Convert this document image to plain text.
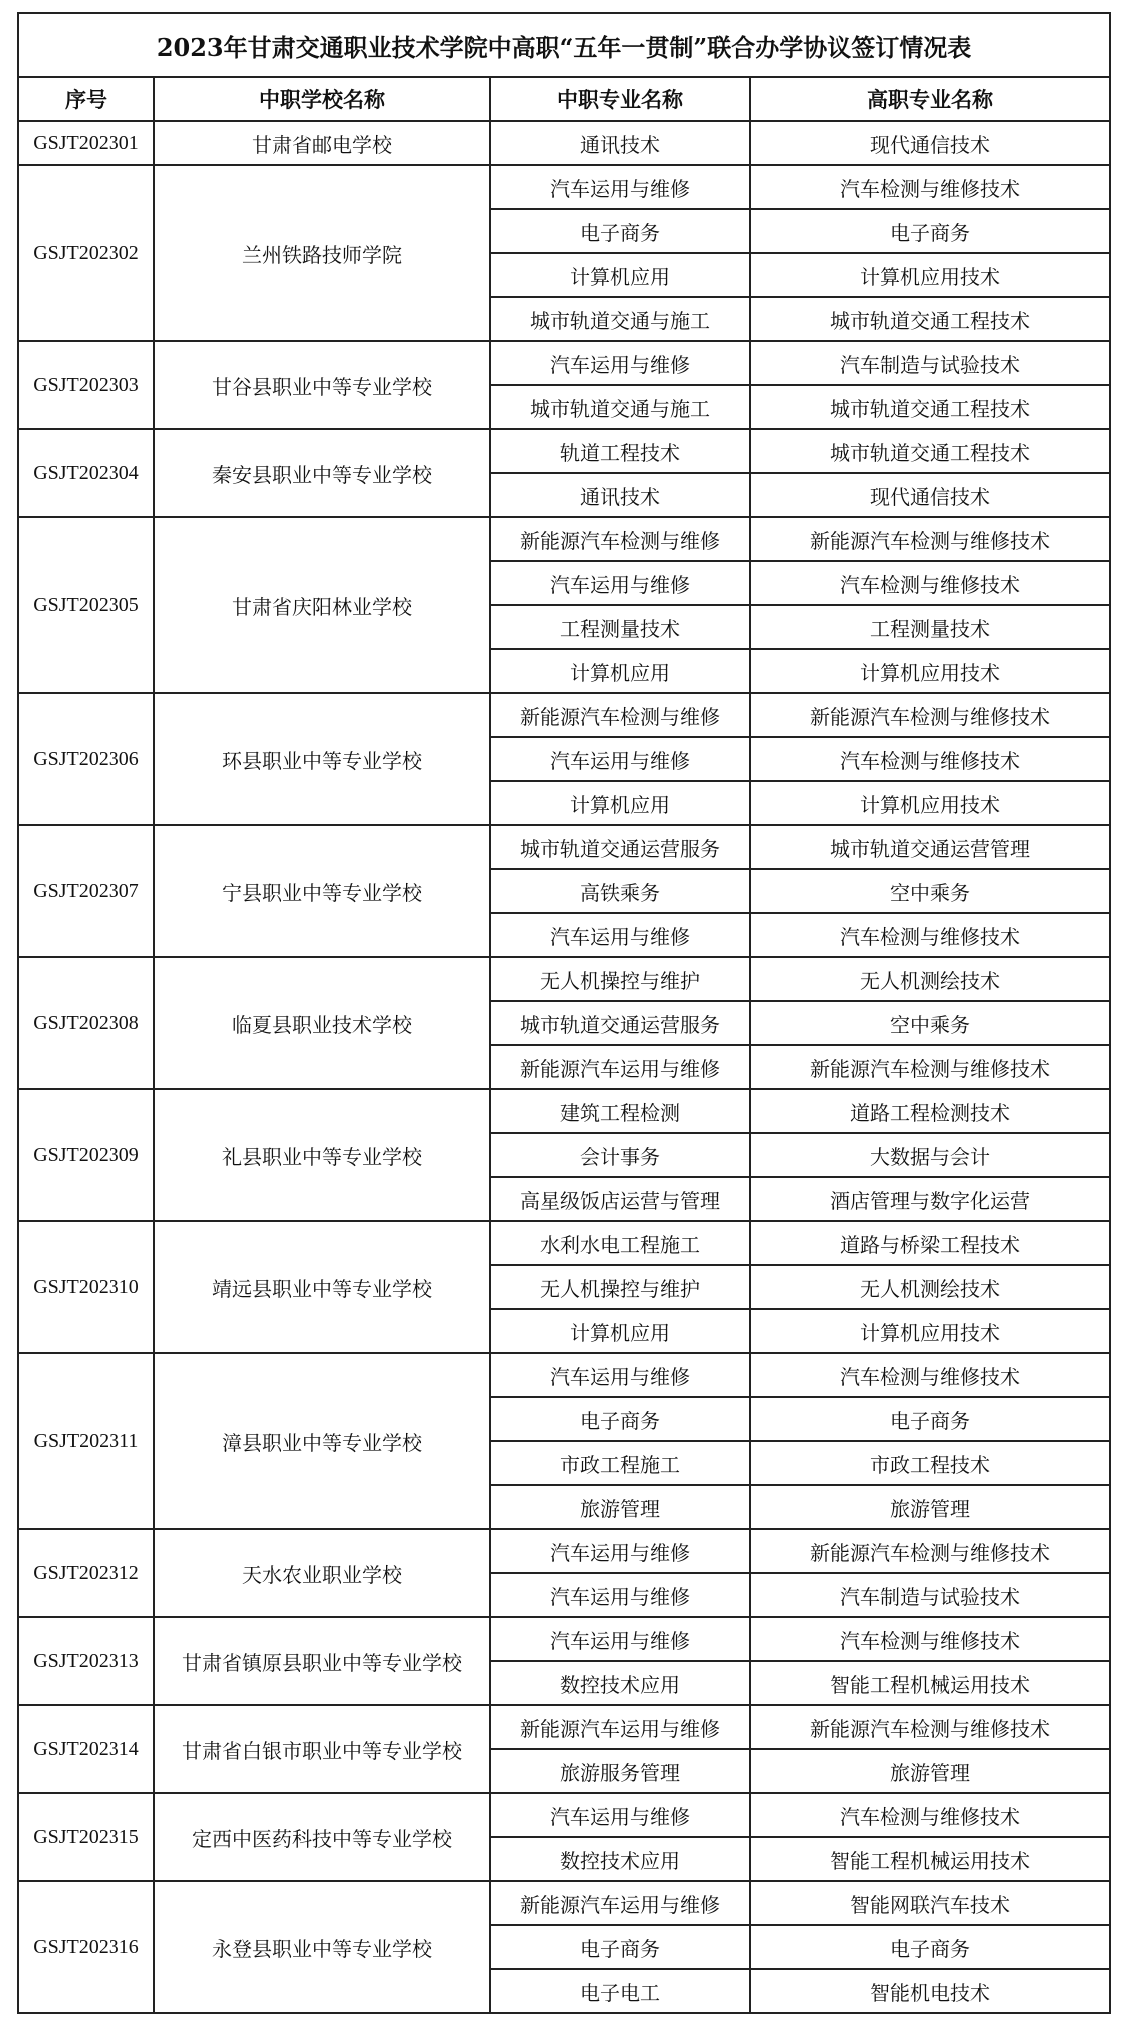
2023年甘肃交通职业技术学院中高职“五年一贯制”联合办学协议签订情况表			
序号	中职学校名称	中职专业名称	高职专业名称
GSJT202301	甘肃省邮电学校	通讯技术	现代通信技术
GSJT202302	兰州铁路技师学院	汽车运用与维修	汽车检测与维修技术
		电子商务	电子商务
		计算机应用	计算机应用技术
		城市轨道交通与施工	城市轨道交通工程技术
GSJT202303	甘谷县职业中等专业学校	汽车运用与维修	汽车制造与试验技术
		城市轨道交通与施工	城市轨道交通工程技术
GSJT202304	秦安县职业中等专业学校	轨道工程技术	城市轨道交通工程技术
		通讯技术	现代通信技术
GSJT202305	甘肃省庆阳林业学校	新能源汽车检测与维修	新能源汽车检测与维修技术
		汽车运用与维修	汽车检测与维修技术
		工程测量技术	工程测量技术
		计算机应用	计算机应用技术
GSJT202306	环县职业中等专业学校	新能源汽车检测与维修	新能源汽车检测与维修技术
		汽车运用与维修	汽车检测与维修技术
		计算机应用	计算机应用技术
GSJT202307	宁县职业中等专业学校	城市轨道交通运营服务	城市轨道交通运营管理
		高铁乘务	空中乘务
		汽车运用与维修	汽车检测与维修技术
GSJT202308	临夏县职业技术学校	无人机操控与维护	无人机测绘技术
		城市轨道交通运营服务	空中乘务
		新能源汽车运用与维修	新能源汽车检测与维修技术
GSJT202309	礼县职业中等专业学校	建筑工程检测	道路工程检测技术
		会计事务	大数据与会计
		高星级饭店运营与管理	酒店管理与数字化运营
GSJT202310	靖远县职业中等专业学校	水利水电工程施工	道路与桥梁工程技术
		无人机操控与维护	无人机测绘技术
		计算机应用	计算机应用技术
GSJT202311	漳县职业中等专业学校	汽车运用与维修	汽车检测与维修技术
		电子商务	电子商务
		市政工程施工	市政工程技术
		旅游管理	旅游管理
GSJT202312	天水农业职业学校	汽车运用与维修	新能源汽车检测与维修技术
		汽车运用与维修	汽车制造与试验技术
GSJT202313	甘肃省镇原县职业中等专业学校	汽车运用与维修	汽车检测与维修技术
		数控技术应用	智能工程机械运用技术
GSJT202314	甘肃省白银市职业中等专业学校	新能源汽车运用与维修	新能源汽车检测与维修技术
		旅游服务管理	旅游管理
GSJT202315	定西中医药科技中等专业学校	汽车运用与维修	汽车检测与维修技术
		数控技术应用	智能工程机械运用技术
GSJT202316	永登县职业中等专业学校	新能源汽车运用与维修	智能网联汽车技术
		电子商务	电子商务
		电子电工	智能机电技术
